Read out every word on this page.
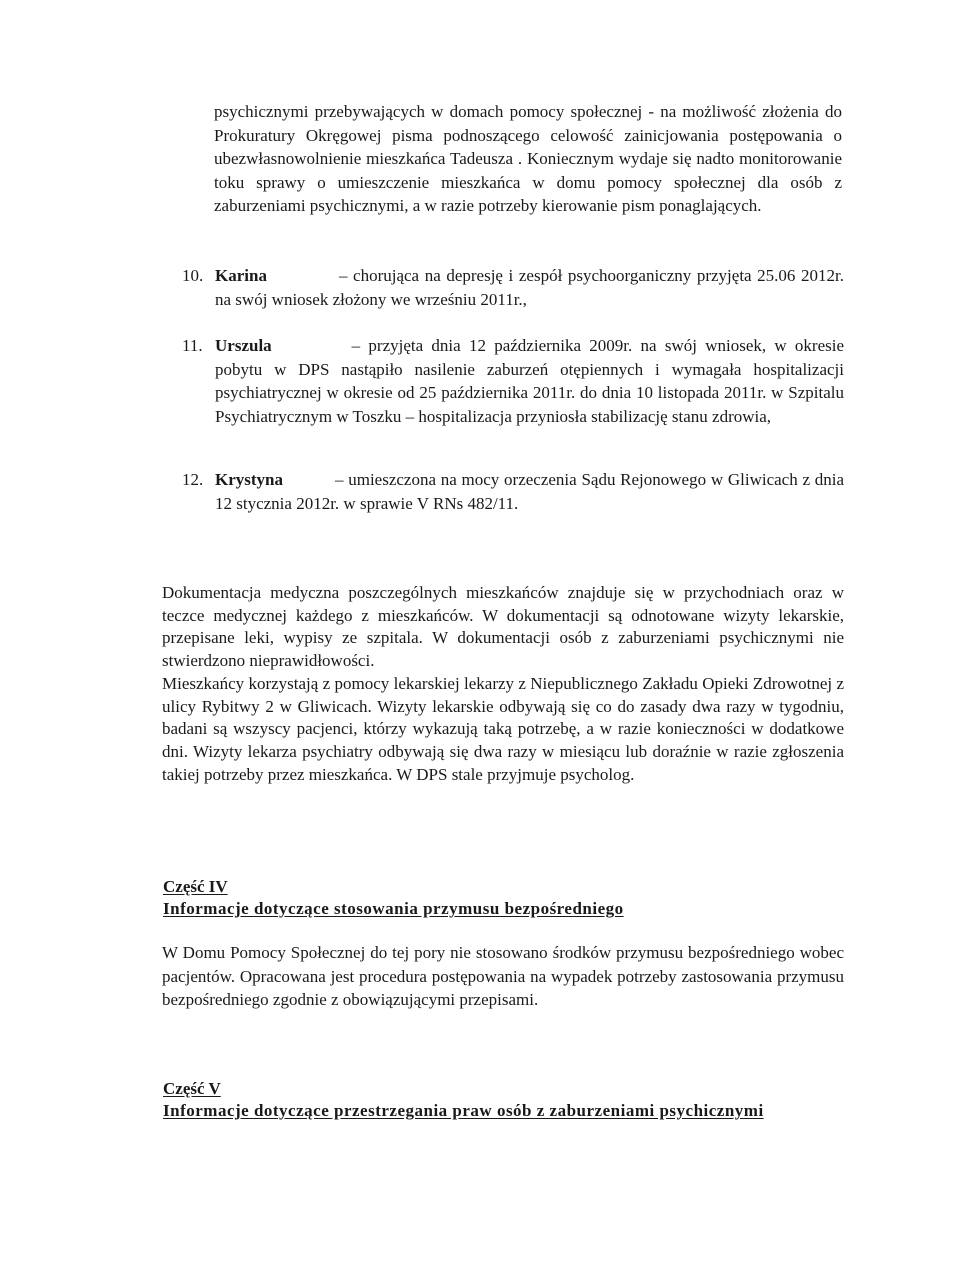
psychicznymi przebywających w domach pomocy społecznej - na możliwość złożenia do Prokuratury Okręgowej pisma podnoszącego celowość zainicjowania postępowania o ubezwłasnowolnienie mieszkańca Tadeusza . Koniecznym wydaje się nadto monitorowanie toku sprawy o umieszczenie mieszkańca w domu pomocy społecznej dla osób z zaburzeniami psychicznymi, a w razie potrzeby kierowanie pism ponaglających.

10. Karina	– chorująca na depresję i zespół psychoorganiczny przyjęta 25.06 2012r. na swój wniosek złożony we wrześniu 2011r.,

11. Urszula	– przyjęta dnia 12 października 2009r. na swój wniosek, w okresie pobytu w DPS nastąpiło nasilenie zaburzeń otępiennych i wymagała hospitalizacji psychiatrycznej w okresie od 25 października 2011r. do dnia 10 listopada 2011r. w Szpitalu Psychiatrycznym w Toszku – hospitalizacja przyniosła stabilizację stanu zdrowia,

12. Krystyna	– umieszczona na mocy orzeczenia Sądu Rejonowego w Gliwicach z dnia 12 stycznia 2012r. w sprawie V RNs 482/11.

Dokumentacja medyczna poszczególnych mieszkańców znajduje się w przychodniach oraz w teczce medycznej każdego z mieszkańców. W dokumentacji są odnotowane wizyty lekarskie, przepisane leki, wypisy ze szpitala. W dokumentacji osób z zaburzeniami psychicznymi nie stwierdzono nieprawidłowości.

Mieszkańcy korzystają z pomocy lekarskiej lekarzy z Niepublicznego Zakładu Opieki Zdrowotnej z ulicy Rybitwy 2 w Gliwicach. Wizyty lekarskie odbywają się co do zasady dwa razy w tygodniu, badani są wszyscy pacjenci, którzy wykazują taką potrzebę, a w razie konieczności w dodatkowe dni. Wizyty lekarza psychiatry odbywają się dwa razy w miesiącu lub doraźnie w razie zgłoszenia takiej potrzeby przez mieszkańca. W DPS stale przyjmuje psycholog.

Część IV
Informacje dotyczące stosowania przymusu bezpośredniego

W Domu Pomocy Społecznej do tej pory nie stosowano środków przymusu bezpośredniego wobec pacjentów. Opracowana jest procedura postępowania na wypadek potrzeby zastosowania przymusu bezpośredniego zgodnie z obowiązującymi przepisami.

Część V
Informacje dotyczące przestrzegania praw osób z zaburzeniami psychicznymi
